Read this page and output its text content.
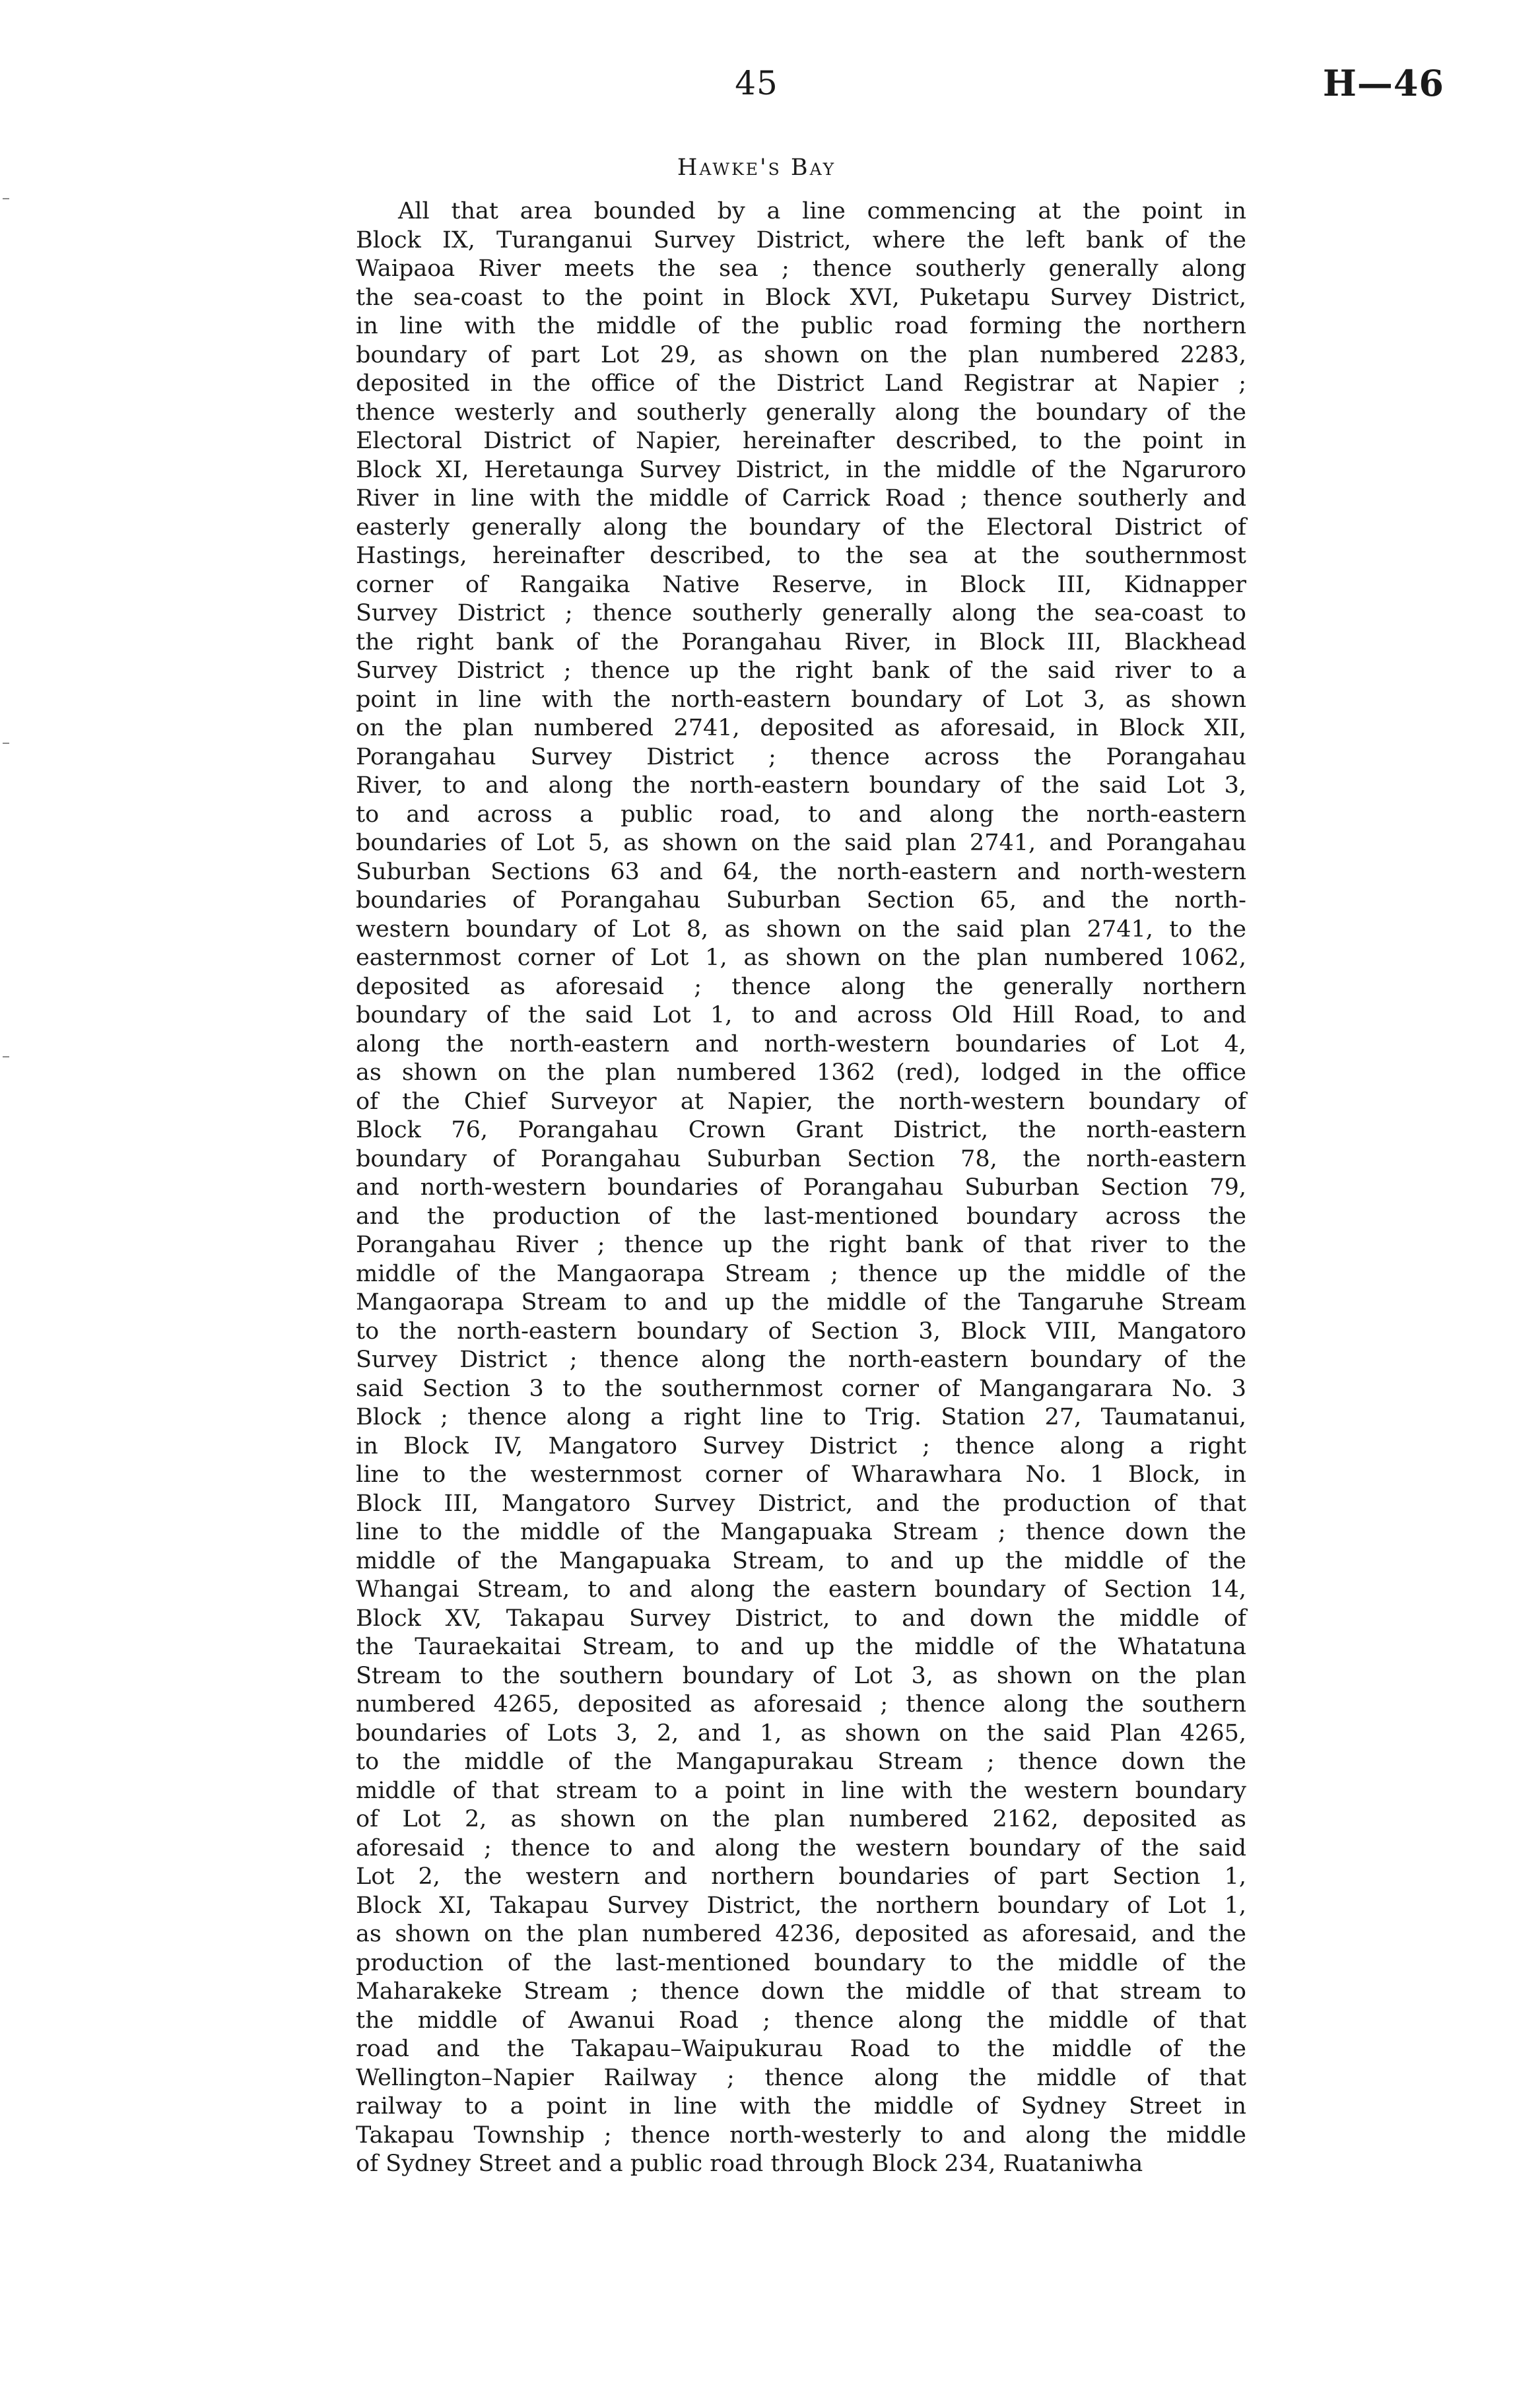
45	H—46
Hawke's Bay
All that area bounded by a line commencing at the point in
Block IX, Turanganui Survey District, where the left bank of the
Waipaoa River meets the sea ; thence southerly generally along
the sea-coast to the point in Block XVI, Puketapu Survey District,
in line with the middle of the public road forming the northern
boundary of part Lot 29, as shown on the plan numbered 2283,
deposited in the office of the District Land Registrar at Napier ;
thence westerly and southerly generally along the boundary of the
Electoral District of Napier, hereinafter described, to the point in
Block XI, Heretaunga Survey District, in the middle of the Ngaruroro
River in line with the middle of Carrick Road ; thence southerly and
easterly generally along the boundary of the Electoral District of
Hastings, hereinafter described, to the sea at the southernmost
corner of Rangaika Native Reserve, in Block III, Kidnapper
Survey District ; thence southerly generally along the sea-coast to
the right bank of the Porangahau River, in Block III, Blackhead
Survey District ; thence up the right bank of the said river to a
point in line with the north-eastern boundary of Lot 3, as shown
on the plan numbered 2741, deposited as aforesaid, in Block XII,
Porangahau Survey District ; thence across the Porangahau
River, to and along the north-eastern boundary of the said Lot 3,
to and across a public road, to and along the north-eastern
boundaries of Lot 5, as shown on the said plan 2741, and Porangahau
Suburban Sections 63 and 64, the north-eastern and north-western
boundaries of Porangahau Suburban Section 65, and the north-
western boundary of Lot 8, as shown on the said plan 2741, to the
easternmost corner of Lot 1, as shown on the plan numbered 1062,
deposited as aforesaid ; thence along the generally northern
boundary of the said Lot 1, to and across Old Hill Road, to and
along the north-eastern and north-western boundaries of Lot 4,
as shown on the plan numbered 1362 (red), lodged in the office
of the Chief Surveyor at Napier, the north-western boundary of
Block 76, Porangahau Crown Grant District, the north-eastern
boundary of Porangahau Suburban Section 78, the north-eastern
and north-western boundaries of Porangahau Suburban Section 79,
and the production of the last-mentioned boundary across the
Porangahau River ; thence up the right bank of that river to the
middle of the Mangaorapa Stream ; thence up the middle of the
Mangaorapa Stream to and up the middle of the Tangaruhe Stream
to the north-eastern boundary of Section 3, Block VIII, Mangatoro
Survey District ; thence along the north-eastern boundary of the
said Section 3 to the southernmost corner of Mangangarara No. 3
Block ; thence along a right line to Trig. Station 27, Taumatanui,
in Block IV, Mangatoro Survey District ; thence along a right
line to the westernmost corner of Wharawhara No. 1 Block, in
Block III, Mangatoro Survey District, and the production of that
line to the middle of the Mangapuaka Stream ; thence down the
middle of the Mangapuaka Stream, to and up the middle of the
Whangai Stream, to and along the eastern boundary of Section 14,
Block XV, Takapau Survey District, to and down the middle of
the Tauraekaitai Stream, to and up the middle of the Whatatuna
Stream to the southern boundary of Lot 3, as shown on the plan
numbered 4265, deposited as aforesaid ; thence along the southern
boundaries of Lots 3, 2, and 1, as shown on the said Plan 4265,
to the middle of the Mangapurakau Stream ; thence down the
middle of that stream to a point in line with the western boundary
of Lot 2, as shown on the plan numbered 2162, deposited as
aforesaid ; thence to and along the western boundary of the said
Lot 2, the western and northern boundaries of part Section 1,
Block XI, Takapau Survey District, the northern boundary of Lot 1,
as shown on the plan numbered 4236, deposited as aforesaid, and the
production of the last-mentioned boundary to the middle of the
Maharakeke Stream ; thence down the middle of that stream to
the middle of Awanui Road ; thence along the middle of that
road and the Takapau–Waipukurau Road to the middle of the
Wellington–Napier Railway ; thence along the middle of that
railway to a point in line with the middle of Sydney Street in
Takapau Township ; thence north-westerly to and along the middle
of Sydney Street and a public road through Block 234, Ruataniwha
